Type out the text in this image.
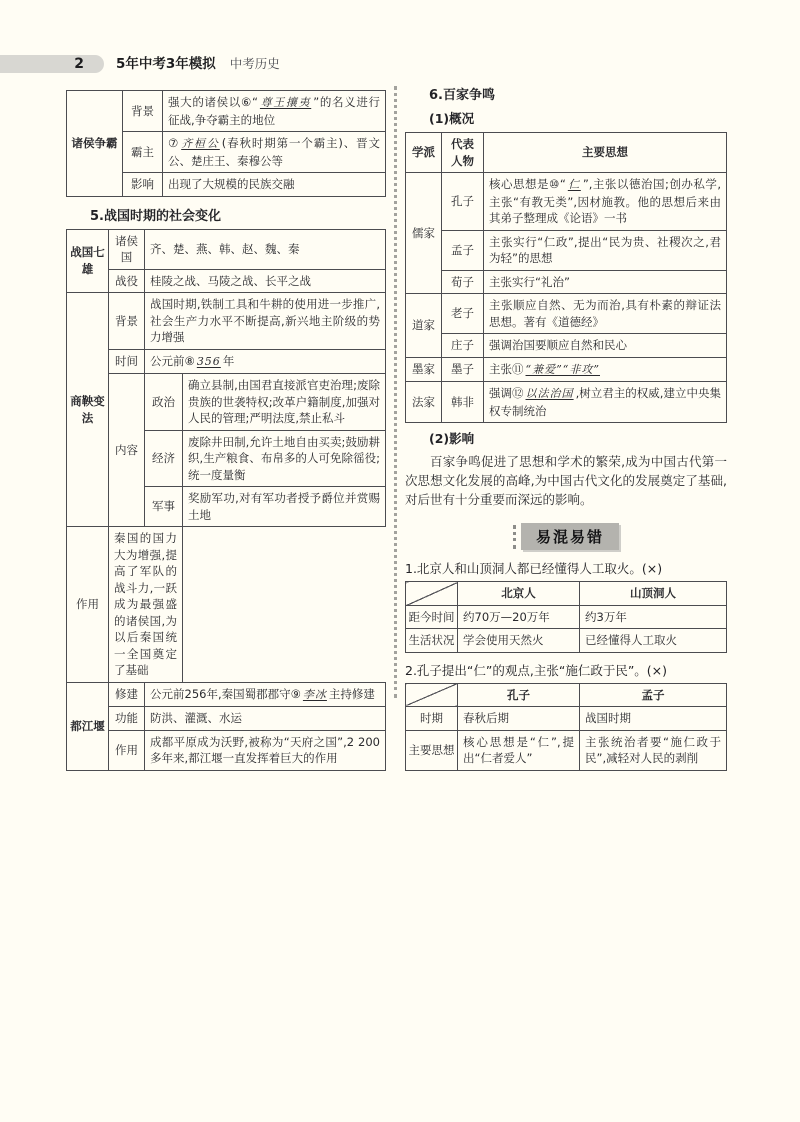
2 5年中考3年模拟 中考历史
诸侯争霸	背景	强大的诸侯以⑥“ 尊王攘夷 ”的名义进行征战,争夺霸主的地位
	霸主	⑦ 齐桓公 (春秋时期第一个霸主)、晋文公、楚庄王、秦穆公等
	影响	出现了大规模的民族交融
5.战国时期的社会变化
战国七雄	诸侯国	齐、楚、燕、韩、赵、魏、秦	
	战役	桂陵之战、马陵之战、长平之战	
商鞅变法	背景	战国时期,铁制工具和牛耕的使用进一步推广,社会生产力水平不断提高,新兴地主阶级的势力增强	
	时间	公元前⑧ 356 年	
	内容	政治	确立县制,由国君直接派官吏治理;废除贵族的世袭特权;改革户籍制度,加强对人民的管理;严明法度,禁止私斗
		经济	废除井田制,允许土地自由买卖;鼓励耕织,生产粮食、布帛多的人可免除徭役;统一度量衡
		军事	奖励军功,对有军功者授予爵位并赏赐土地
作用	秦国的国力大为增强,提高了军队的战斗力,一跃成为最强盛的诸侯国,为以后秦国统一全国奠定了基础		
都江堰	修建	公元前256年,秦国蜀郡郡守⑨ 李冰 主持修建	
	功能	防洪、灌溉、水运	
	作用	成都平原成为沃野,被称为“天府之国”,2 200多年来,都江堰一直发挥着巨大的作用	
6.百家争鸣
(1)概况
学派	代表人物	主要思想
儒家	孔子	核心思想是⑩“ 仁 ”,主张以德治国;创办私学,主张“有教无类”,因材施教。他的思想后来由其弟子整理成《论语》一书
	孟子	主张实行“仁政”,提出“民为贵、社稷次之,君为轻”的思想
	荀子	主张实行“礼治”
道家	老子	主张顺应自然、无为而治,具有朴素的辩证法思想。著有《道德经》
	庄子	强调治国要顺应自然和民心
墨家	墨子	主张⑪ “兼爱”“非攻”
法家	韩非	强调⑫ 以法治国 ,树立君主的权威,建立中央集权专制统治
(2)影响

百家争鸣促进了思想和学术的繁荣,成为中国古代第一次思想文化发展的高峰,为中国古代文化的发展奠定了基础,对后世有十分重要而深远的影响。

易混易错
1.北京人和山顶洞人都已经懂得人工取火。(×)
	北京人	山顶洞人
距今时间	约70万—20万年	约3万年
生活状况	学会使用天然火	已经懂得人工取火
2.孔子提出“仁”的观点,主张“施仁政于民”。(×)
	孔子	孟子
时期	春秋后期	战国时期
主要思想	核心思想是“仁”,提出“仁者爱人”	主张统治者要“施仁政于民”,减轻对人民的剥削
